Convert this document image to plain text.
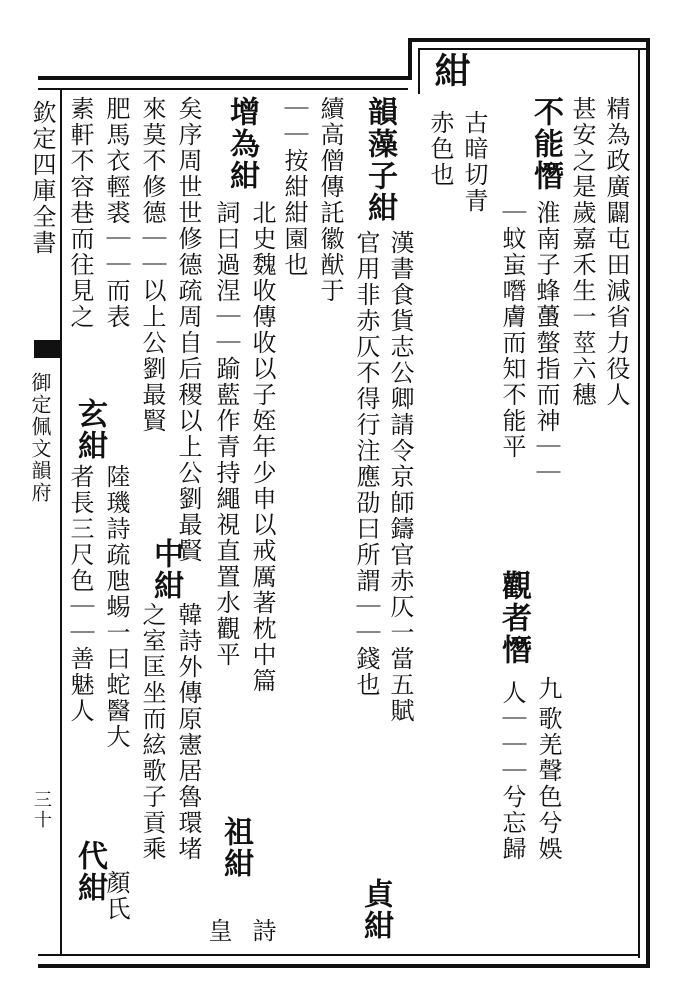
欽定四庫全書
御定佩文韻府
三十
紺
精為政廣闢屯田減省力役人
甚安之是歲嘉禾生一莖六穗
不能憯
淮南子蜂蠆螫指而神｜｜
｜蚊䖟噆膚而知不能平
觀者憯
九
歌羌聲色兮娛
人｜｜｜兮忘歸
古暗切青
赤色也
韻藻
子紺
漢書食貨志公卿請令京師鑄官赤仄一當五賦
官用非赤仄不得行注應劭曰所謂｜｜錢也
貞紺
續高僧傳託徽猷于
｜｜按紺紺園也
增為紺
北史魏收傳收以子姪年少申以戒厲著枕中篇
詞曰過涅｜｜踰藍作青持繩視直置水觀平
祖紺
詩
皇
矣序周世世修德疏周自后稷以上公劉最賢
中紺
韓詩外傳原憲居魯環堵
來莫不修德｜｜以上公劉最賢
之室匡坐而絃歌子貢乘
肥馬衣輕裘｜｜而表
玄紺
陸璣詩疏虺蜴一曰蛇醫大
素軒不容巷而往見之
者長三尺色｜｜善魅人
代紺
顏氏
